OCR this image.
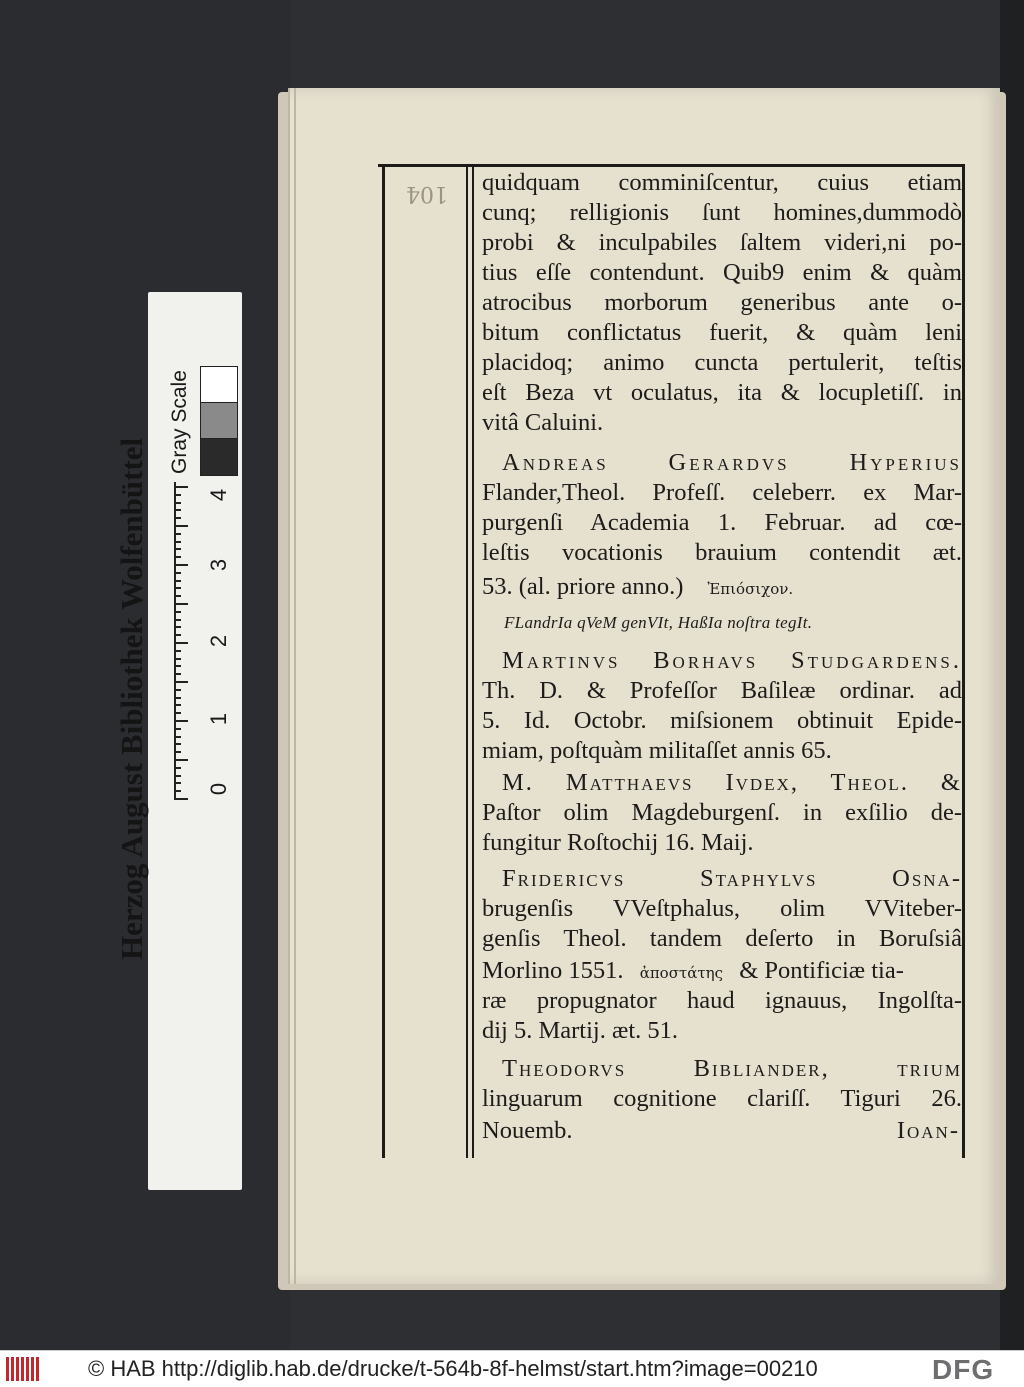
104	quidquam comminiſcentur, cuius etiam
cunq; relligionis ſunt homines,dummodò
probi & inculpabiles ſaltem videri,ni po-
tius eſſe contendunt. Quib9 enim & quàm
atrocibus morborum generibus ante o-
bitum conflictatus fuerit, & quàm leni
placidoq; animo cuncta pertulerit, teſtis
eſt Beza vt oculatus, ita & locupletiſſ. in
vitâ Caluini.
Andreas Gerardvs Hyperius
Flander,Theol. Profeſſ. celeberr. ex Mar-
purgenſi Academia 1. Februar. ad cœ-
leſtis vocationis brauium contendit æt.
53. (al. priore anno.) Ἐπιόσιχον.
FLandrIa qVeM genVIt, HaßIa noſtra tegIt.
Martinvs Borhavs Studgardenſ.
Th. D. & Profeſſor Baſileæ ordinar. ad
5. Id. Octobr. miſsionem obtinuit Epide-
miam, poſtquàm militaſſet annis 65.
M. Matthaevs Ivdex, Theol. &
Paſtor olim Magdeburgenſ. in exſilio de-
fungitur Roſtochij 16. Maij.
Fridericvs Staphylvs Oſna-
brugenſis VVeſtphalus, olim VViteber-
genſis Theol. tandem deſerto in Boruſsiâ
Morlino 1551. ἀποστάτης & Pontificiæ tia-
ræ propugnator haud ignauus, Ingolſta-
dij 5. Martij. æt. 51.
Theodorvs Bibliander, trium
linguarum cognitione clariſſ. Tiguri 26.
Nouemb.	Ioan-
Herzog August Bibliothek Wolfenbüttel
Gray Scale
0
1
2
3
4
© HAB http://diglib.hab.de/drucke/t-564b-8f-helmst/start.htm?image=00210	DFG
